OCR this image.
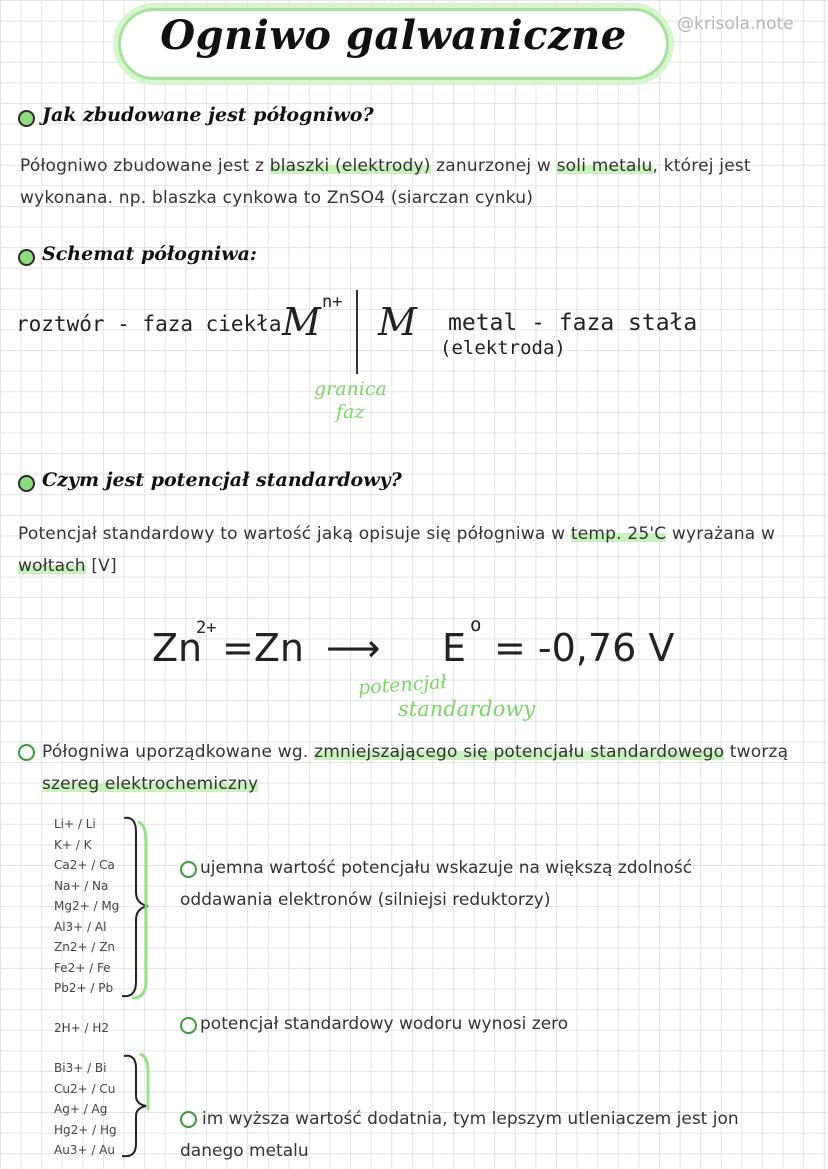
Ogniwo galwaniczne	@krisola.note
Jak zbudowane jest półogniwo?
Półogniwo zbudowane jest z blaszki (elektrody) zanurzonej w soli metalu, której jest
wykonana. np. blaszka cynkowa to ZnSO4 (siarczan cynku)
Schemat półogniwa:
roztwór - faza ciekła M n+ M metal - faza stała
(elektroda)
granica
faz
Czym jest potencjał standardowy?
Potencjał standardowy to wartość jaką opisuje się półogniwa w temp. 25'C wyrażana w
wołtach [V]
Zn
2+ =Zn ⟶ E
o
= -0,76 V
potencjał
standardowy
Półogniwa uporządkowane wg. zmniejszającego się potencjału standardowego tworzą
szereg elektrochemiczny
Li+ / Li
K+ / K
Ca2+ / Ca
Na+ / Na
Mg2+ / Mg
Al3+ / Al
Zn2+ / Zn
Fe2+ / Fe
Pb2+ / Pb
2H+ / H2
Bi3+ / Bi
Cu2+ / Cu
Ag+ / Ag
Hg2+ / Hg
Au3+ / Au
ujemna wartość potencjału wskazuje na większą zdolność
oddawania elektronów (silniejsi reduktorzy)
potencjał standardowy wodoru wynosi zero
im wyższa wartość dodatnia, tym lepszym utleniaczem jest jon
danego metalu
